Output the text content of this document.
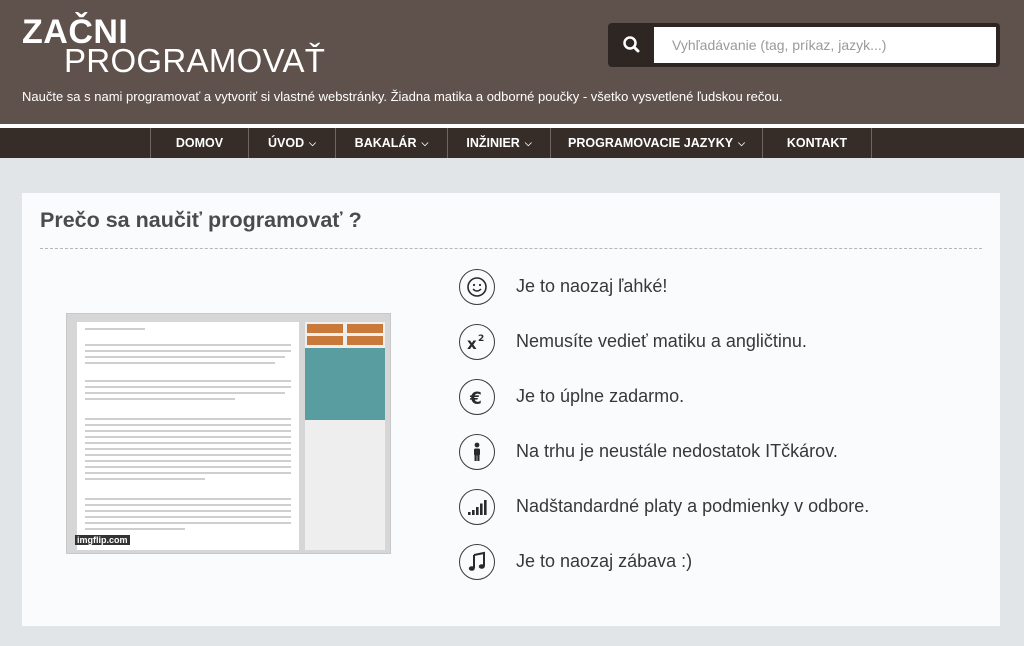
ZAČNI
PROGRAMOVAŤ
Naučte sa s nami programovať a vytvoriť si vlastné webstránky. Žiadna matika a odborné poučky - všetko vysvetlené ľudskou rečou.
Vyhľadávanie (tag, príkaz, jazyk...)
DOMOV	ÚVOD ⌵	BAKALÁR ⌵	INŽINIER ⌵	PROGRAMOVACIE JAZYKY ⌵	KONTAKT
Prečo sa naučiť programovať ?
imgflip.com
Je to naozaj ľahké!
x 2 Nemusíte vedieť matiku a angličtinu.
€ Je to úplne zadarmo.
Na trhu je neustále nedostatok ITčkárov.
Nadštandardné platy a podmienky v odbore.
Je to naozaj zábava :)
